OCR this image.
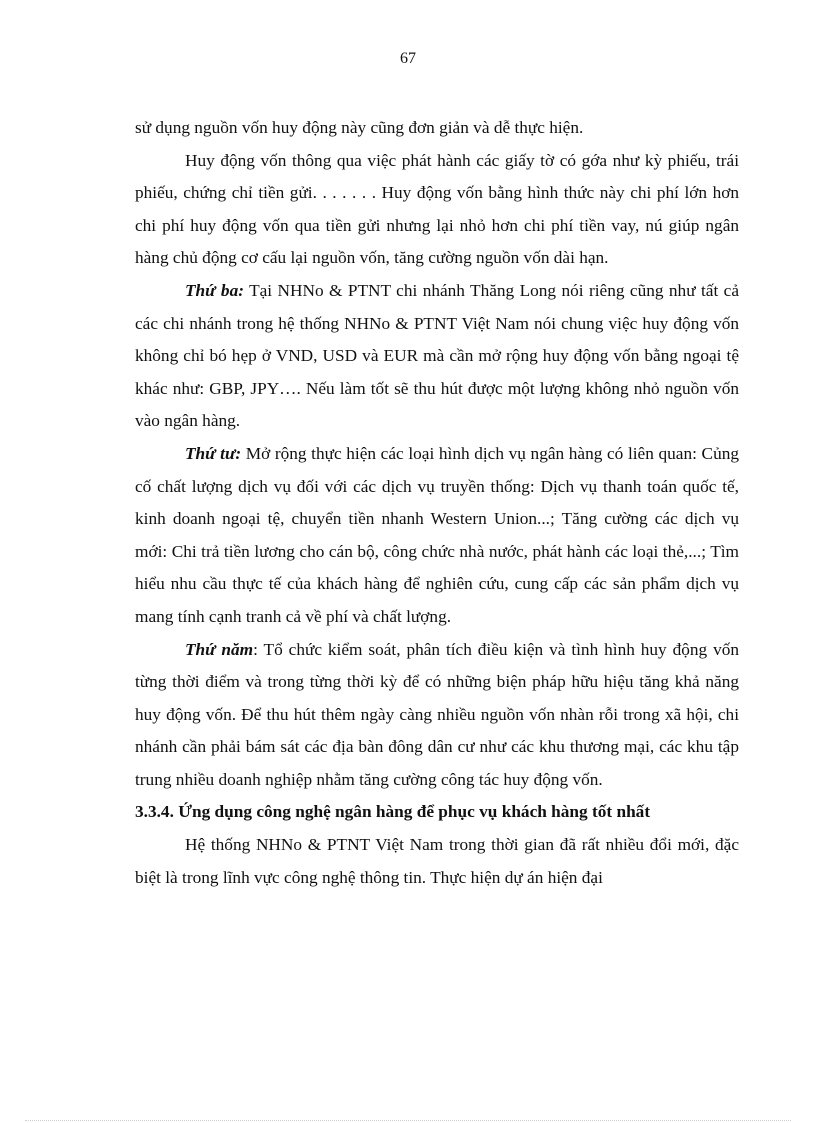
67

sử dụng nguồn vốn huy động này cũng đơn giản và dễ thực hiện.

Huy động vốn thông qua việc phát hành các giấy tờ có gớa như kỳ phiếu, trái phiếu, chứng chỉ tiền gửi. . . . . . . Huy động vốn bằng hình thức này chi phí lớn hơn chi phí huy động vốn qua tiền gửi nhưng lại nhỏ hơn chi phí tiền vay, nú giúp ngân hàng chủ động cơ cấu lại nguồn vốn, tăng cường nguồn vốn dài hạn.

Thứ ba: Tại NHNo & PTNT chi nhánh Thăng Long nói riêng cũng như tất cả các chi nhánh trong hệ thống NHNo & PTNT Việt Nam nói chung việc huy động vốn không chỉ bó hẹp ở VND, USD và EUR mà cần mở rộng huy động vốn bằng ngoại tệ khác như: GBP, JPY…. Nếu làm tốt sẽ thu hút được một lượng không nhỏ nguồn vốn vào ngân hàng.

Thứ tư: Mở rộng thực hiện các loại hình dịch vụ ngân hàng có liên quan: Củng cố chất lượng dịch vụ đối với các dịch vụ truyền thống: Dịch vụ thanh toán quốc tế, kinh doanh ngoại tệ, chuyển tiền nhanh Western Union...; Tăng cường các dịch vụ mới: Chi trả tiền lương cho cán bộ, công chức nhà nước, phát hành các loại thẻ,...; Tìm hiểu nhu cầu thực tế của khách hàng để nghiên cứu, cung cấp các sản phẩm dịch vụ mang tính cạnh tranh cả về phí và chất lượng.

Thứ năm: Tổ chức kiểm soát, phân tích điều kiện và tình hình huy động vốn từng thời điểm và trong từng thời kỳ để có những biện pháp hữu hiệu tăng khả năng huy động vốn. Để thu hút thêm ngày càng nhiều nguồn vốn nhàn rỗi trong xã hội, chi nhánh cần phải bám sát các địa bàn đông dân cư như các khu thương mại, các khu tập trung nhiều doanh nghiệp nhằm tăng cường công tác huy động vốn.

3.3.4. Ứng dụng công nghệ ngân hàng để phục vụ khách hàng tốt nhất

Hệ thống NHNo & PTNT Việt Nam trong thời gian đã rất nhiều đổi mới, đặc biệt là trong lĩnh vực công nghệ thông tin. Thực hiện dự án hiện đại
